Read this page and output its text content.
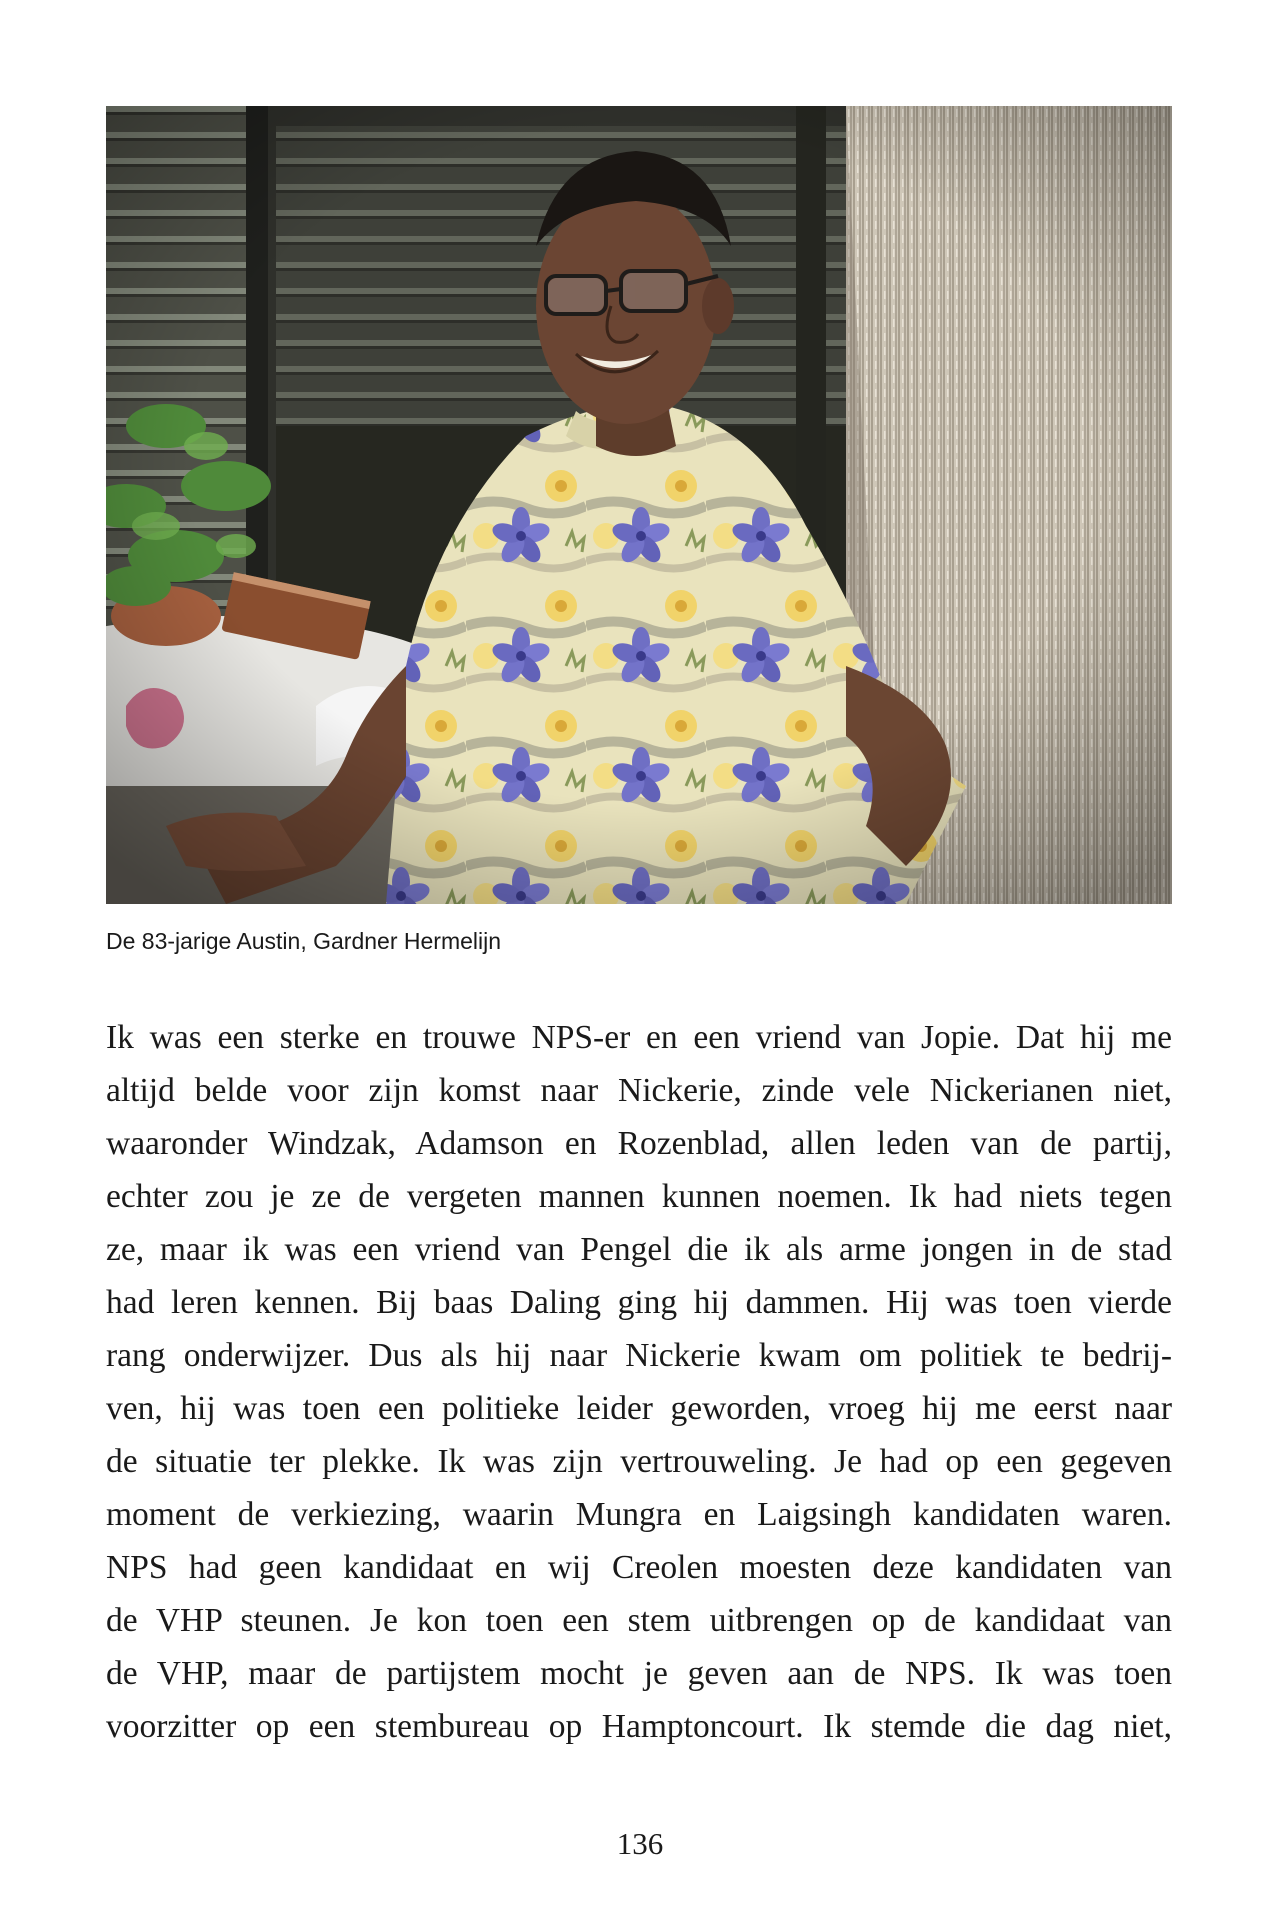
De 83-jarige Austin, Gardner Hermelijn
Ik was een sterke en trouwe NPS-er en een vriend van Jopie. Dat hij me
altijd belde voor zijn komst naar Nickerie, zinde vele Nickerianen niet,
waaronder Windzak, Adamson en Rozenblad, allen leden van de partij,
echter zou je ze de vergeten mannen kunnen noemen. Ik had niets tegen
ze, maar ik was een vriend van Pengel die ik als arme jongen in de stad
had leren kennen. Bij baas Daling ging hij dammen. Hij was toen vierde
rang onderwijzer. Dus als hij naar Nickerie kwam om politiek te bedrij-
ven, hij was toen een politieke leider geworden, vroeg hij me eerst naar
de situatie ter plekke. Ik was zijn vertrouweling. Je had op een gegeven
moment de verkiezing, waarin Mungra en Laigsingh kandidaten waren.
NPS had geen kandidaat en wij Creolen moesten deze kandidaten van
de VHP steunen. Je kon toen een stem uitbrengen op de kandidaat van
de VHP, maar de partijstem mocht je geven aan de NPS. Ik was toen
voorzitter op een stembureau op Hamptoncourt. Ik stemde die dag niet,
136
